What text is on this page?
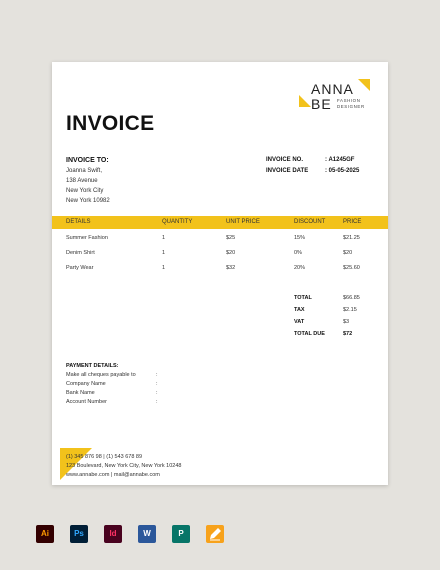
ANNA
BE FASHION
DESIGNER
INVOICE
INVOICE TO:
Joanna Swift,
138 Avenue
New York City
New York 10982
INVOICE NO.	: A1245GF
INVOICE DATE	: 05-05-2025
DETAILS	QUANTITY	UNIT PRICE	DISCOUNT	PRICE
Summer Fashion	1	$25	15%	$21.25
Denim Shirt	1	$20	0%	$20
Party Wear	1	$32	20%	$25.60
TOTAL	$66.85
TAX	$2.15
VAT	$3
TOTAL DUE	$72
PAYMENT DETAILS:
Make all cheques payable to	:
Company Name	:
Bank Name	:
Account Number	:
(1) 345 876 98 | (1) 543 678 89
123 Boulevard, New York City, New York 10248
www.annabe.com | mail@annabe.com
Ai	Ps	Id	W	P
